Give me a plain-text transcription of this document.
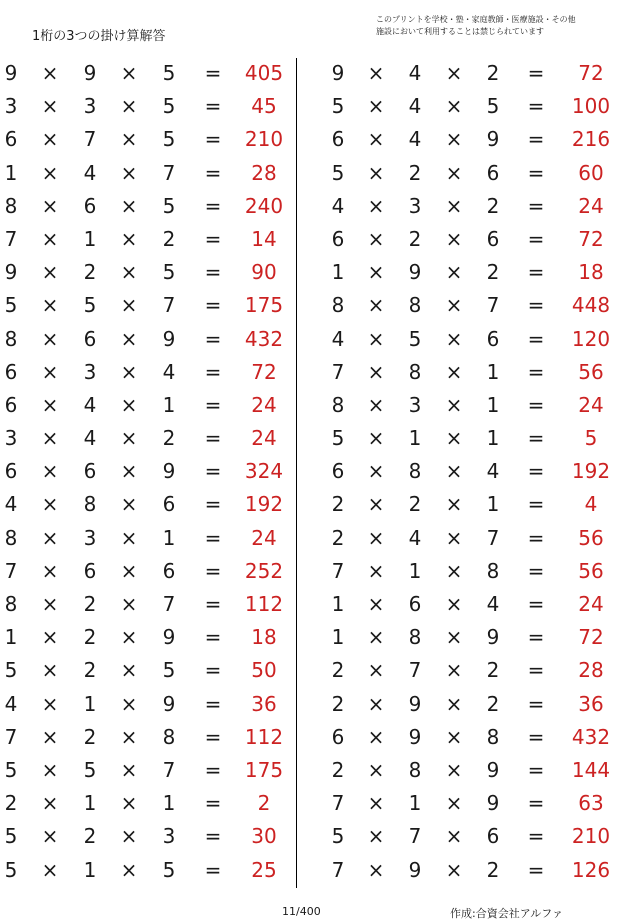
1桁の3つの掛け算解答
このプリントを学校・塾・家庭教師・医療施設・その他
施設において利用することは禁じられています
9 × 9 × 5 =	405
3 × 3 × 5 =	45
6 × 7 × 5 =	210
1 × 4 × 7 =	28
8 × 6 × 5 =	240
7 × 1 × 2 =	14
9 × 2 × 5 =	90
5 × 5 × 7 =	175
8 × 6 × 9 =	432
6 × 3 × 4 =	72
6 × 4 × 1 =	24
3 × 4 × 2 =	24
6 × 6 × 9 =	324
4 × 8 × 6 =	192
8 × 3 × 1 =	24
7 × 6 × 6 =	252
8 × 2 × 7 =	112
1 × 2 × 9 =	18
5 × 2 × 5 =	50
4 × 1 × 9 =	36
7 × 2 × 8 =	112
5 × 5 × 7 =	175
2 × 1 × 1 =	2
5 × 2 × 3 =	30
5 × 1 × 5 =	25
9 × 4 × 2 =	72
5 × 4 × 5 =	100
6 × 4 × 9 =	216
5 × 2 × 6 =	60
4 × 3 × 2 =	24
6 × 2 × 6 =	72
1 × 9 × 2 =	18
8 × 8 × 7 =	448
4 × 5 × 6 =	120
7 × 8 × 1 =	56
8 × 3 × 1 =	24
5 × 1 × 1 =	5
6 × 8 × 4 =	192
2 × 2 × 1 =	4
2 × 4 × 7 =	56
7 × 1 × 8 =	56
1 × 6 × 4 =	24
1 × 8 × 9 =	72
2 × 7 × 2 =	28
2 × 9 × 2 =	36
6 × 9 × 8 =	432
2 × 8 × 9 =	144
7 × 1 × 9 =	63
5 × 7 × 6 =	210
7 × 9 × 2 =	126
11/400	作成:合資会社アルファ
